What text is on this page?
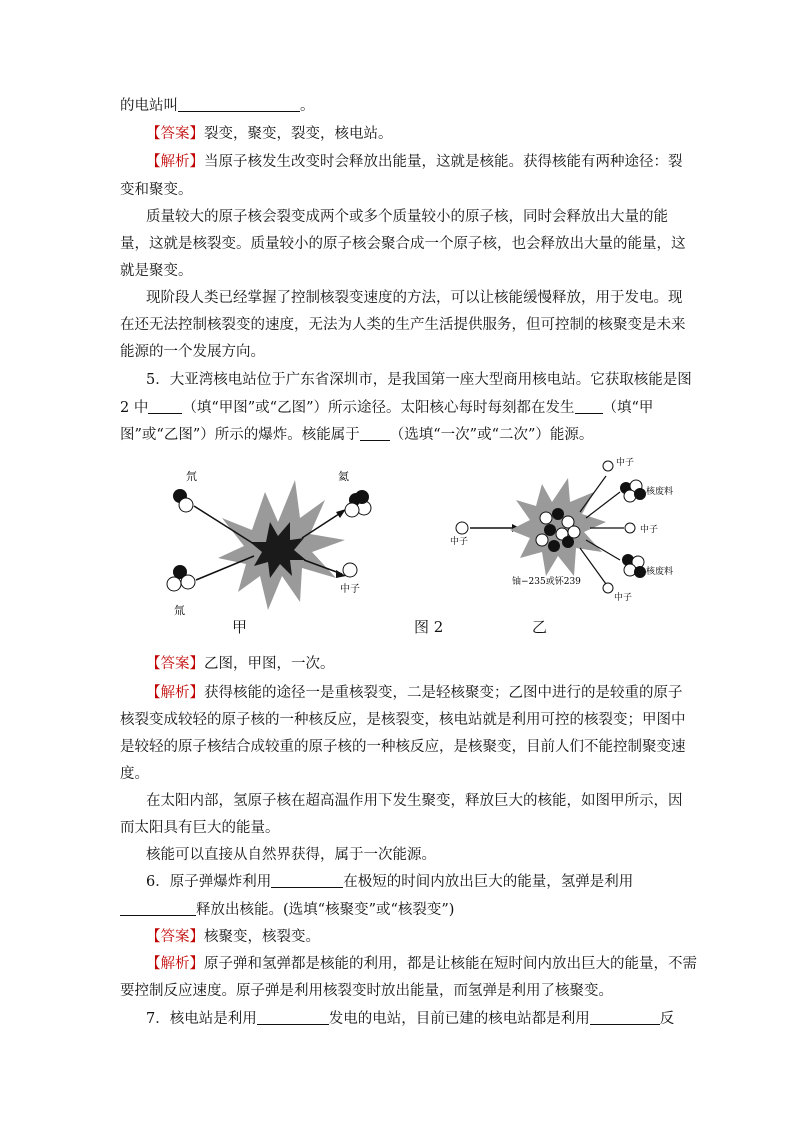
的电站叫	。
【答案】裂变，聚变，裂变，核电站。
【解析】当原子核发生改变时会释放出能量，这就是核能。获得核能有两种途径：裂
变和聚变。
质量较大的原子核会裂变成两个或多个质量较小的原子核，同时会释放出大量的能
量，这就是核裂变。质量较小的原子核会聚合成一个原子核，也会释放出大量的能量，这
就是聚变。
现阶段人类已经掌握了控制核裂变速度的方法，可以让核能缓慢释放，用于发电。现
在还无法控制核裂变的速度，无法为人类的生产生活提供服务，但可控制的核聚变是未来
能源的一个发展方向。
5．大亚湾核电站位于广东省深圳市，是我国第一座大型商用核电站。它获取核能是图
2 中 （填“甲图”或“乙图”）所示途径。太阳核心每时每刻都在发生 （填“甲
图”或“乙图”）所示的爆炸。核能属于 （选填“一次”或“二次”）能源。
氘
氚
氦
中子
中子
铀−235或钚239
中子
核废料
中子
核废料
中子
甲	图 2	乙
【答案】乙图，甲图，一次。
【解析】获得核能的途径一是重核裂变，二是轻核聚变；乙图中进行的是较重的原子
核裂变成较轻的原子核的一种核反应，是核裂变，核电站就是利用可控的核裂变；甲图中
是较轻的原子核结合成较重的原子核的一种核反应，是核聚变，目前人们不能控制聚变速
度。
在太阳内部，氢原子核在超高温作用下发生聚变，释放巨大的核能，如图甲所示，因
而太阳具有巨大的能量。
核能可以直接从自然界获得，属于一次能源。
6．原子弹爆炸利用	在极短的时间内放出巨大的能量，氢弹是利用
释放出核能。(选填“核聚变”或“核裂变”)
【答案】核聚变，核裂变。
【解析】原子弹和氢弹都是核能的利用，都是让核能在短时间内放出巨大的能量，不需
要控制反应速度。原子弹是利用核裂变时放出能量，而氢弹是利用了核聚变。
7．核电站是利用	发电的电站，目前已建的核电站都是利用	反
